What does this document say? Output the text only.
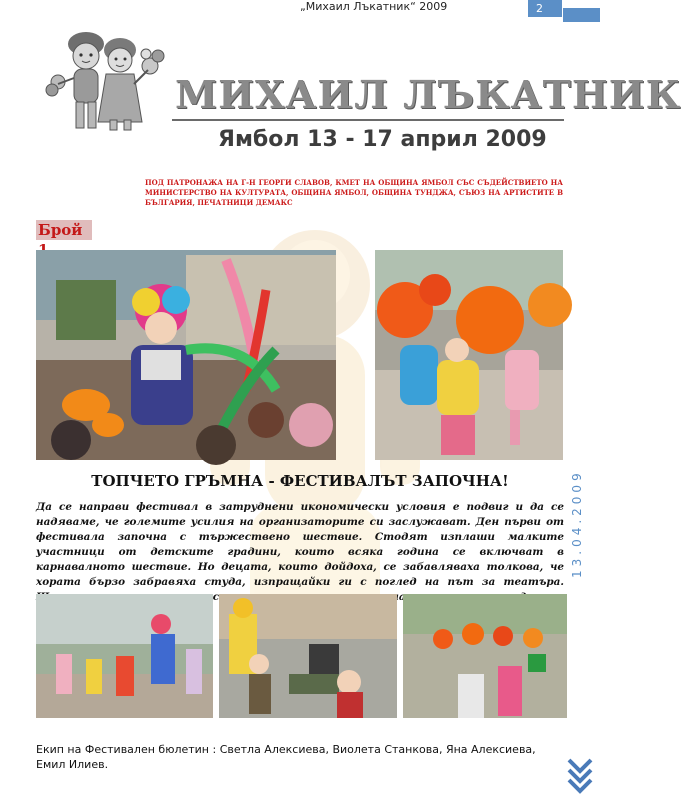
„Михаил Лъкатник“ 2009	2
МИХАИЛ ЛЪКАТНИК
Ямбол 13 - 17 април 2009
ПОД ПАТРОНАЖА НА Г-Н ГЕОРГИ СЛАВОВ, КМЕТ НА ОБЩИНА ЯМБОЛ СЪС СЪДЕЙСТВИЕТО НА МИНИСТЕРСТВО НА КУЛТУРАТА, ОБЩИНА ЯМБОЛ, ОБЩИНА ТУНДЖА, СЪЮЗ НА АРТИСТИТЕ В БЪЛГАРИЯ, ПЕЧАТНИЦИ ДЕМАКС
Брой
13.04.2009
ТОПЧЕТО ГРЪМНА - ФЕСТИВАЛЪТ ЗАПОЧНА!
Да се направи фестивал в затруднени икономически условия е подвиг и да се надяваме, че големите усилия на организаторите си заслужават. Ден първи от фестивала започна с тържествено шествие. Стодят изплаши малките участници от детските градини, които всяка година се включват в карнавалното шествие. Но децата, които дойдоха, се забавляваха толкова, че хората бързо забравяха студа, изпращайки ги с поглед на път за театъра.
Екип на Фестивален бюлетин : Светла Алексиева, Виолета Станкова, Яна Алексиева, Емил Илиев.
